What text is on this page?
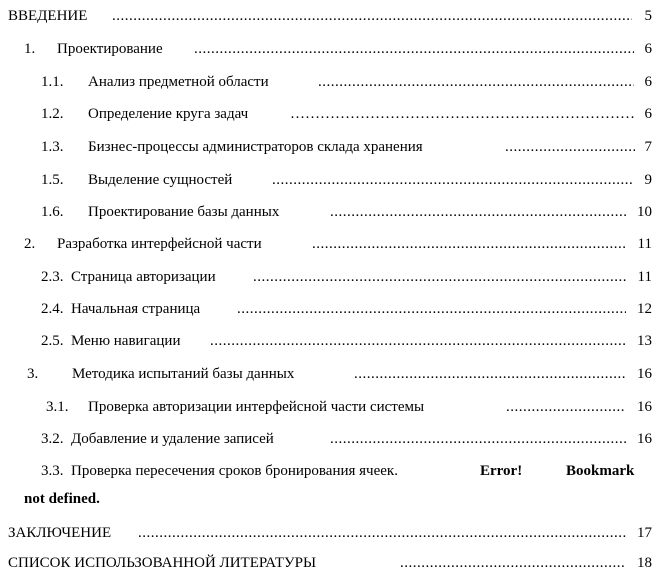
ВВЕДЕНИЕ .....	5
1. Проектирование .....	6
1.1. Анализ предметной области .....	6
1.2. Определение круга задач ……………………………………………………………………………………………………………………………………………………………………	6
1.3. Бизнес-процессы администраторов склада хранения .....	7
1.5. Выделение сущностей .....	9
1.6. Проектирование базы данных .....	10
2. Разработка интерфейсной части .....	11
2.3. Страница авторизации .....	11
2.4. Начальная страница .....	12
2.5. Меню навигации .....	13
3. Методика испытаний базы данных .....	16
3.1. Проверка авторизации интерфейсной части системы .....	16
3.2. Добавление и удаление записей .....	16
3.3. Проверка пересечения сроков бронирования ячеек.	Error!	Bookmark
not defined.
ЗАКЛЮЧЕНИЕ .....	17
СПИСОК ИСПОЛЬЗОВАННОЙ ЛИТЕРАТУРЫ .....	18
